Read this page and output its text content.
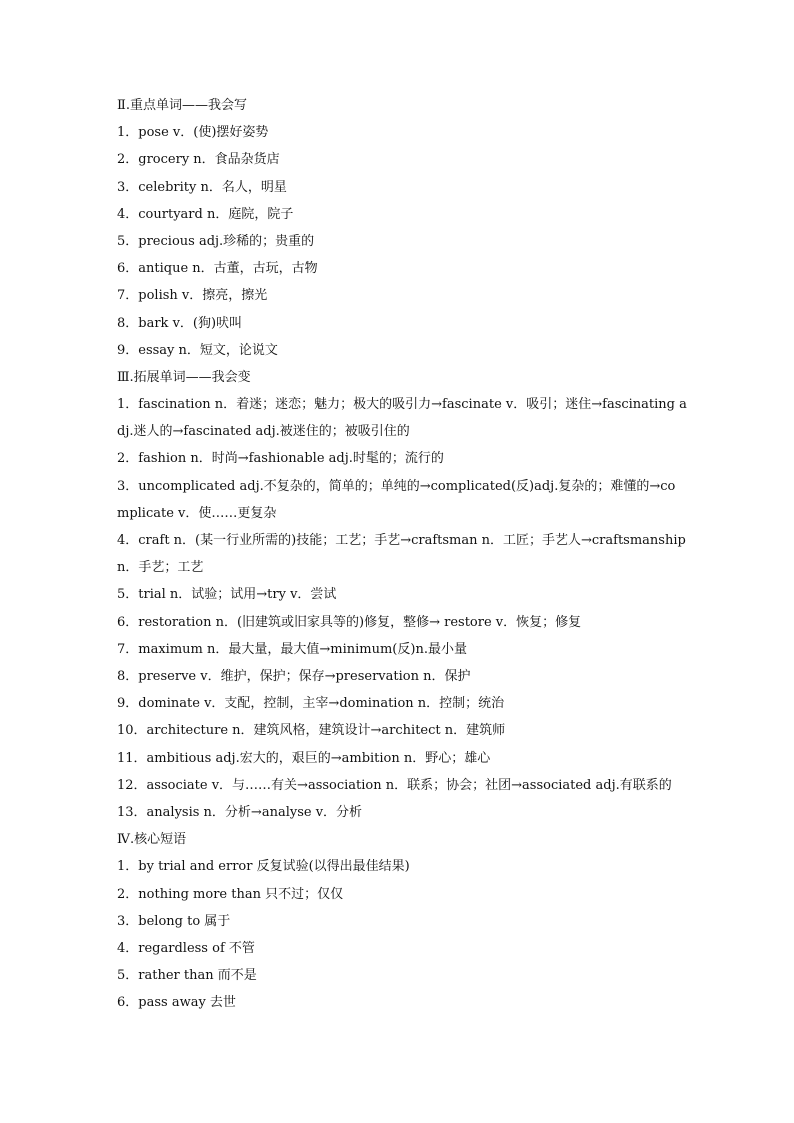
Ⅱ.重点单词——我会写
1．pose v．(使)摆好姿势
2．grocery n．食品杂货店
3．celebrity n．名人，明星
4．courtyard n．庭院，院子
5．precious adj.珍稀的；贵重的
6．antique n．古董，古玩，古物
7．polish v．擦亮，擦光
8．bark v．(狗)吠叫
9．essay n．短文，论说文
Ⅲ.拓展单词——我会变
1．fascination n．着迷；迷恋；魅力；极大的吸引力→fascinate v．吸引；迷住→fascinating adj.迷人的→fascinated adj.被迷住的；被吸引住的
2．fashion n．时尚→fashionable adj.时髦的；流行的
3．uncomplicated adj.不复杂的，简单的；单纯的→complicated(反)adj.复杂的；难懂的→complicate v．使……更复杂
4．craft n．(某一行业所需的)技能；工艺；手艺→craftsman n．工匠；手艺人→craftsmanship n．手艺；工艺
5．trial n．试验；试用→try v．尝试
6．restoration n．(旧建筑或旧家具等的)修复，整修→ restore v．恢复；修复
7．maximum n．最大量，最大值→minimum(反)n.最小量
8．preserve v．维护，保护；保存→preservation n．保护
9．dominate v．支配，控制，主宰→domination n．控制；统治
10．architecture n．建筑风格，建筑设计→architect n．建筑师
11．ambitious adj.宏大的，艰巨的→ambition n．野心；雄心
12．associate v．与……有关→association n．联系；协会；社团→associated adj.有联系的
13．analysis n．分析→analyse v．分析
Ⅳ.核心短语
1．by trial and error 反复试验(以得出最佳结果)
2．nothing more than 只不过；仅仅
3．belong to 属于
4．regardless of 不管
5．rather than 而不是
6．pass away 去世
